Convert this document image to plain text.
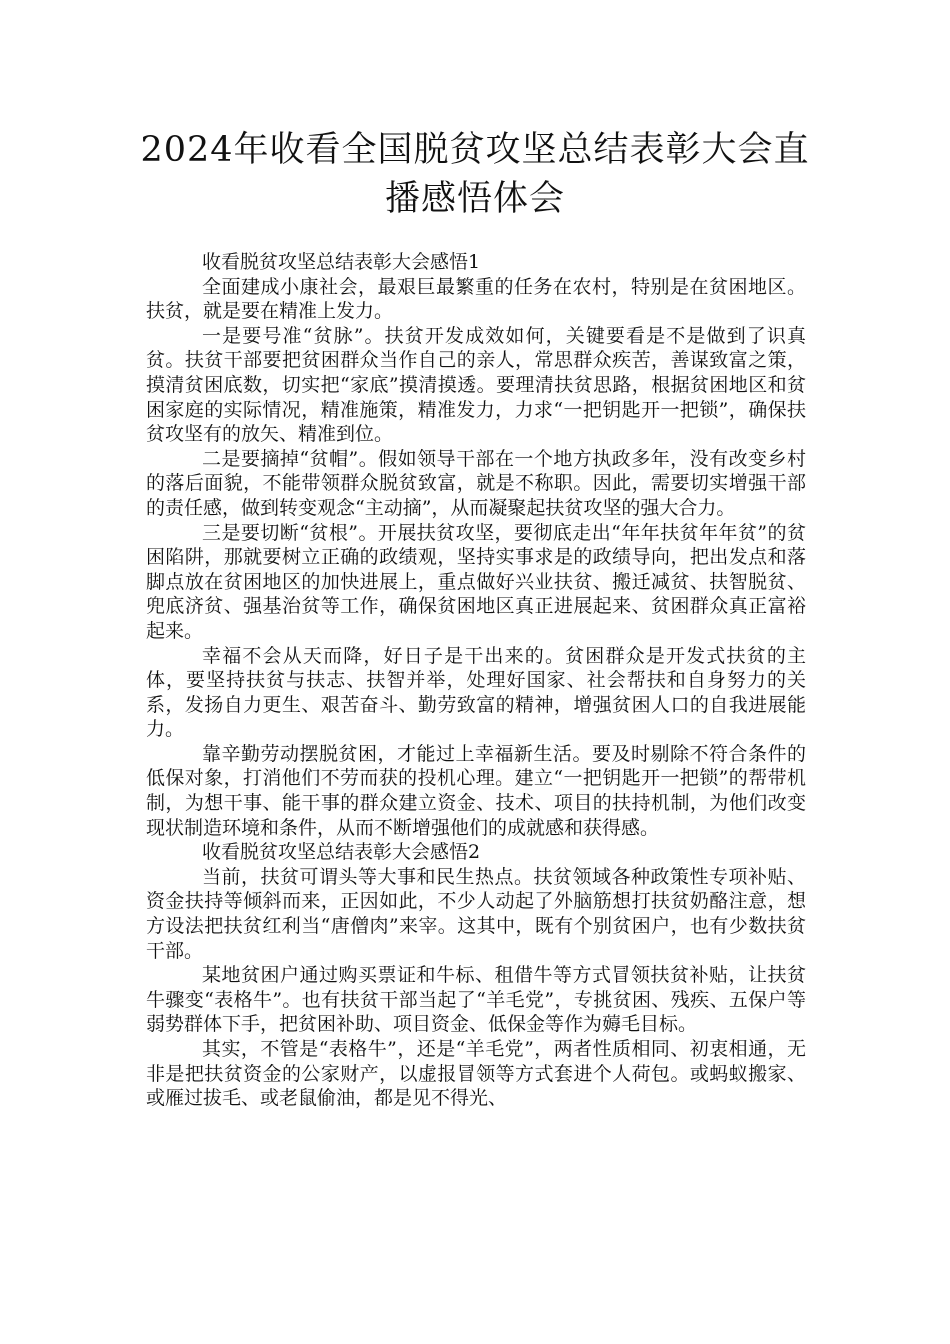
2024年收看全国脱贫攻坚总结表彰大会直
播感悟体会

收看脱贫攻坚总结表彰大会感悟1

全面建成小康社会，最艰巨最繁重的任务在农村，特别是在贫困地区。扶贫，就是要在精准上发力。

一是要号准“贫脉”。扶贫开发成效如何，关键要看是不是做到了识真贫。扶贫干部要把贫困群众当作自己的亲人，常思群众疾苦，善谋致富之策，摸清贫困底数，切实把“家底”摸清摸透。要理清扶贫思路，根据贫困地区和贫困家庭的实际情况，精准施策，精准发力，力求“一把钥匙开一把锁”，确保扶贫攻坚有的放矢、精准到位。

二是要摘掉“贫帽”。假如领导干部在一个地方执政多年，没有改变乡村的落后面貌，不能带领群众脱贫致富，就是不称职。因此，需要切实增强干部的责任感，做到转变观念“主动摘”，从而凝聚起扶贫攻坚的强大合力。

三是要切断“贫根”。开展扶贫攻坚，要彻底走出“年年扶贫年年贫”的贫困陷阱，那就要树立正确的政绩观，坚持实事求是的政绩导向，把出发点和落脚点放在贫困地区的加快进展上，重点做好兴业扶贫、搬迁减贫、扶智脱贫、兜底济贫、强基治贫等工作，确保贫困地区真正进展起来、贫困群众真正富裕起来。

幸福不会从天而降，好日子是干出来的。贫困群众是开发式扶贫的主体，要坚持扶贫与扶志、扶智并举，处理好国家、社会帮扶和自身努力的关系，发扬自力更生、艰苦奋斗、勤劳致富的精神，增强贫困人口的自我进展能力。

靠辛勤劳动摆脱贫困，才能过上幸福新生活。要及时剔除不符合条件的低保对象，打消他们不劳而获的投机心理。建立“一把钥匙开一把锁”的帮带机制，为想干事、能干事的群众建立资金、技术、项目的扶持机制，为他们改变现状制造环境和条件，从而不断增强他们的成就感和获得感。

收看脱贫攻坚总结表彰大会感悟2

当前，扶贫可谓头等大事和民生热点。扶贫领域各种政策性专项补贴、资金扶持等倾斜而来，正因如此，不少人动起了外脑筋想打扶贫奶酪注意，想方设法把扶贫红利当“唐僧肉”来宰。这其中，既有个别贫困户，也有少数扶贫干部。

某地贫困户通过购买票证和牛标、租借牛等方式冒领扶贫补贴，让扶贫牛骤变“表格牛”。也有扶贫干部当起了“羊毛党”，专挑贫困、残疾、五保户等弱势群体下手，把贫困补助、项目资金、低保金等作为薅毛目标。

其实，不管是“表格牛”，还是“羊毛党”，两者性质相同、初衷相通，无非是把扶贫资金的公家财产，以虚报冒领等方式套进个人荷包。或蚂蚁搬家、或雁过拔毛、或老鼠偷油，都是见不得光、
